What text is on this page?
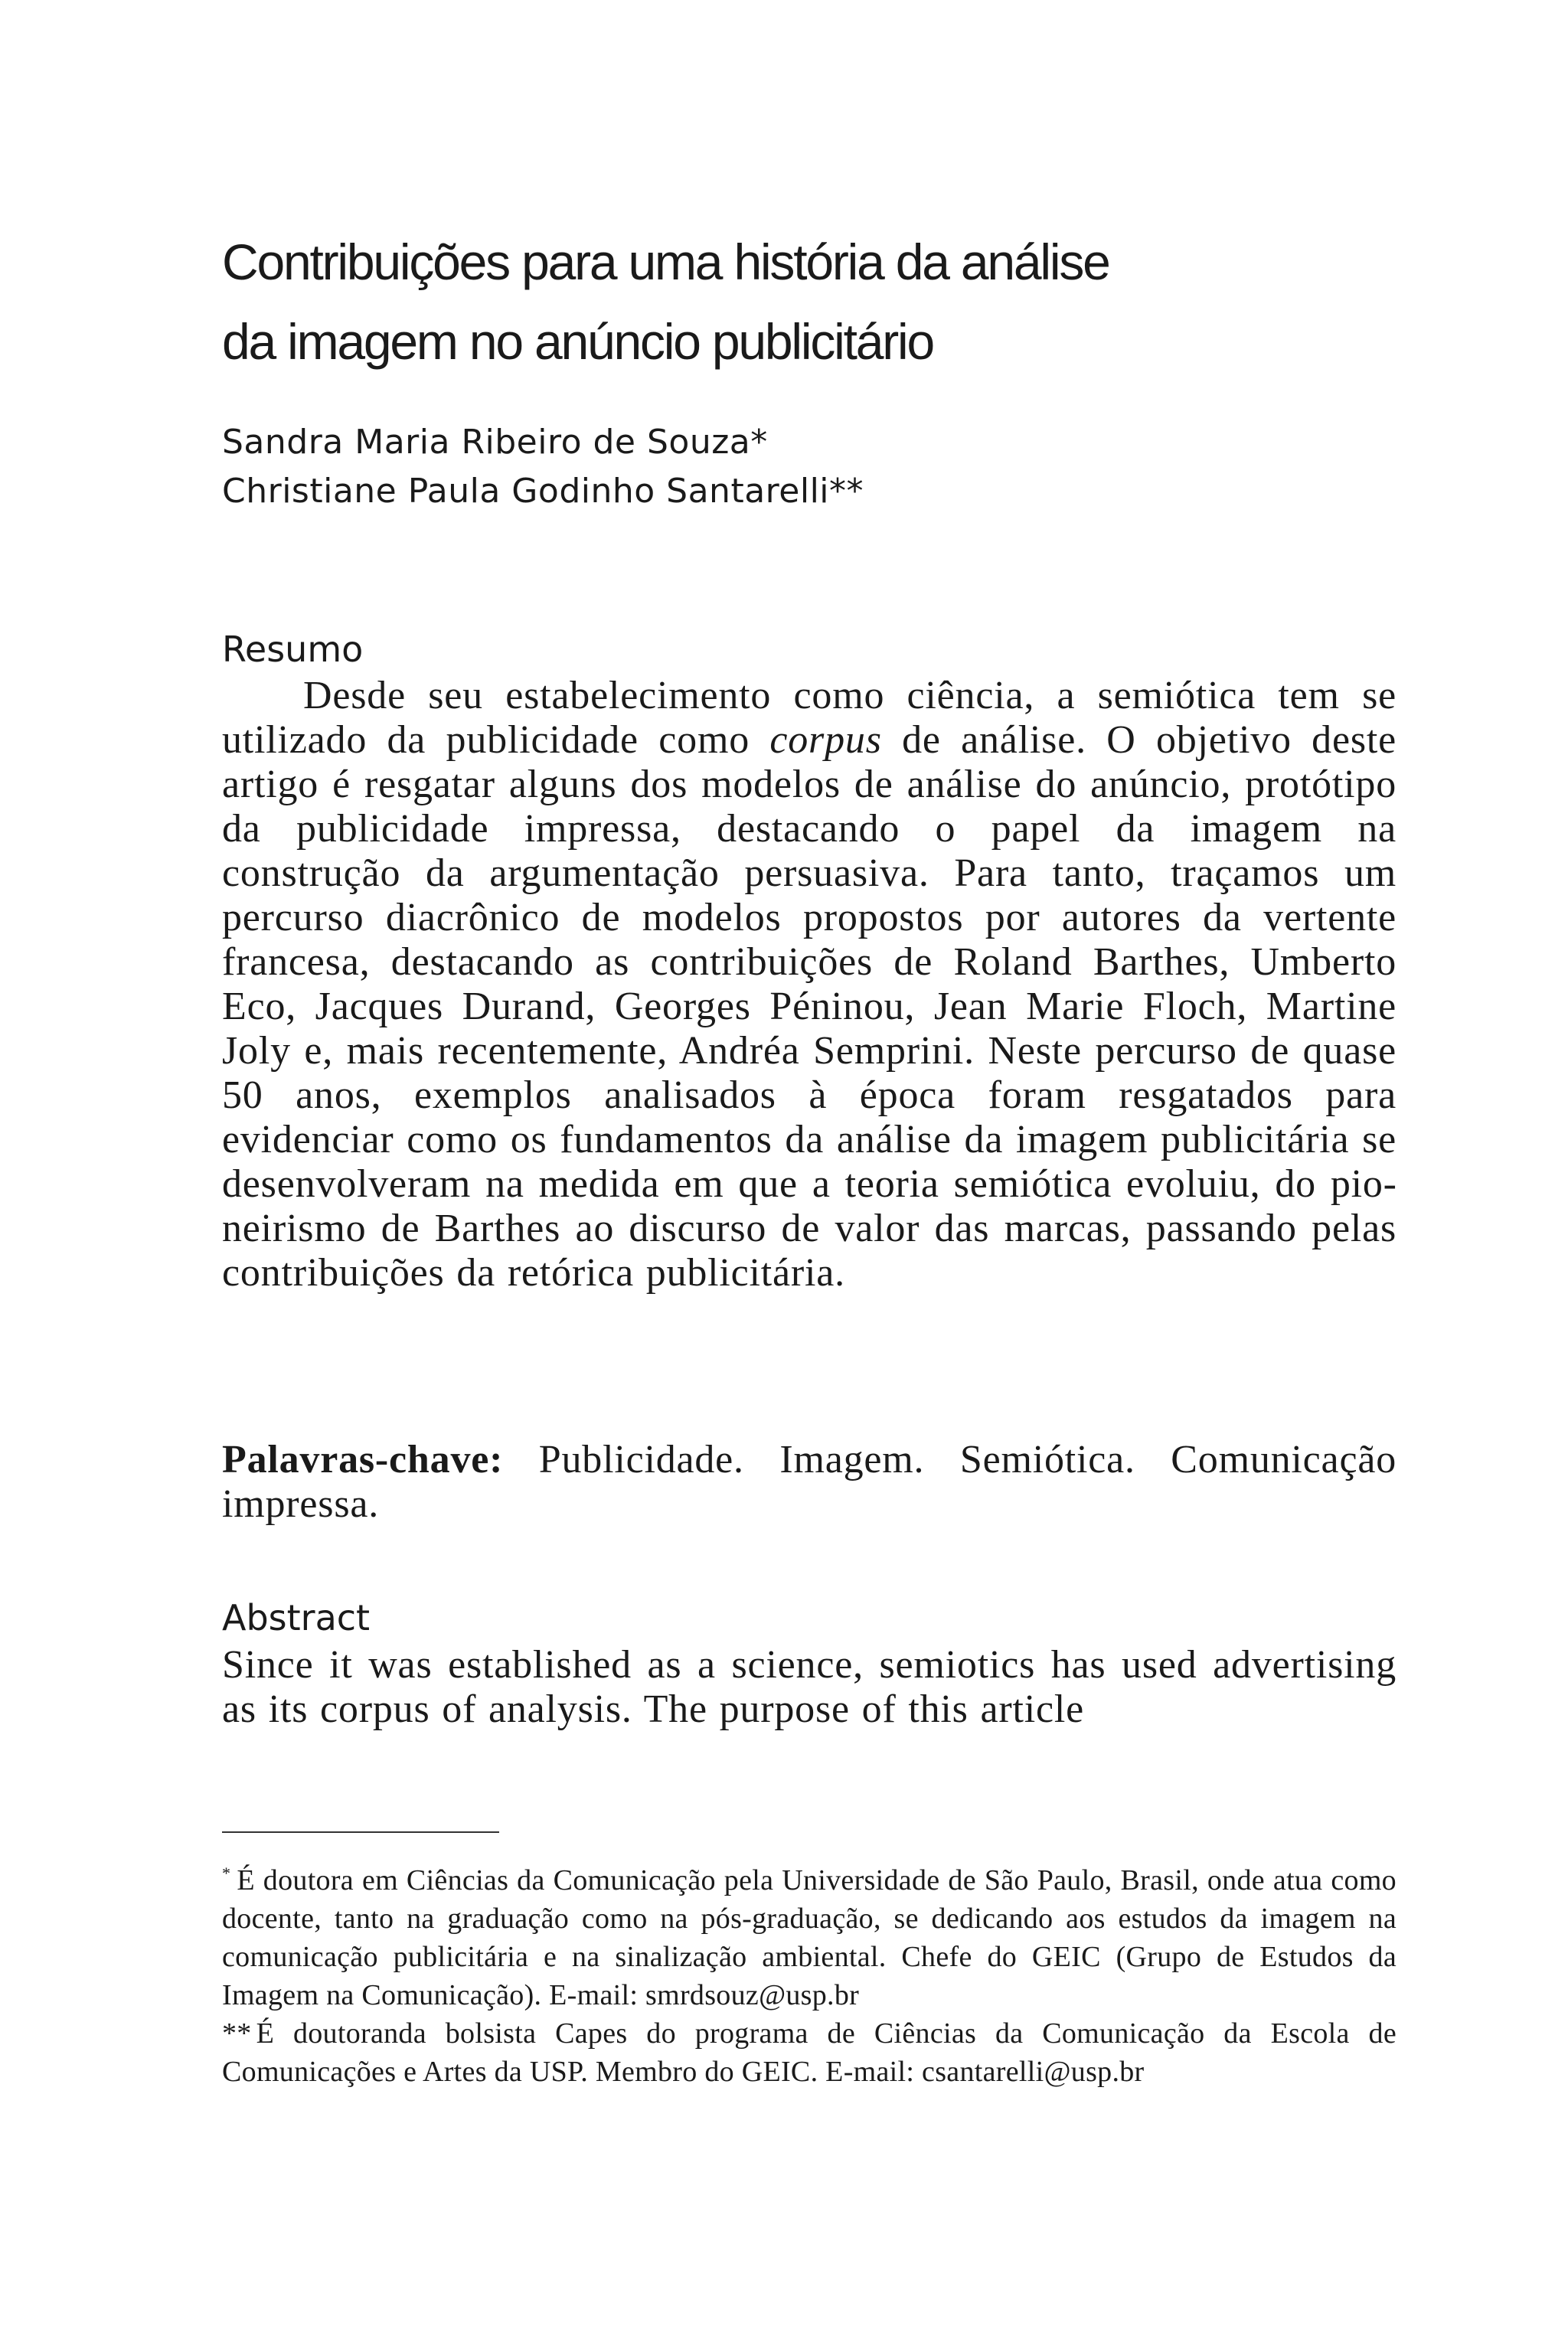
Contribuições para uma história da análise
da imagem no anúncio publicitário
Sandra Maria Ribeiro de Souza*
Christiane Paula Godinho Santarelli**
Resumo

Desde seu estabelecimento como ciência, a semiótica tem se utilizado da publicidade como corpus de análise. O objetivo deste artigo é resgatar alguns dos modelos de análise do anúncio, protótipo da publicidade impressa, destacando o papel da imagem na construção da argumentação persuasiva. Para tanto, traçamos um percurso diacrônico de modelos propostos por autores da vertente francesa, destacando as contribuições de Roland Barthes, Umberto Eco, Jacques Durand, Georges Péninou, Jean Marie Floch, Martine Joly e, mais recentemente, Andréa Semprini. Neste percurso de quase 50 anos, exemplos analisados à época foram resgatados para evidenciar como os fundamentos da análise da imagem publicitária se desenvolveram na medida em que a teoria semiótica evoluiu, do pioneirismo de Barthes ao discurso de valor das marcas, passando pelas contribuições da retórica publicitária.

Palavras-chave: Publicidade. Imagem. Semiótica. Comunicação impressa.

Abstract

Since it was established as a science, semiotics has used advertising as its corpus of analysis. The purpose of this article

* É doutora em Ciências da Comunicação pela Universidade de São Paulo, Brasil, onde atua como docente, tanto na graduação como na pós-graduação, se dedicando aos estudos da imagem na comunicação publicitária e na sinalização ambiental. Chefe do GEIC (Grupo de Estudos da Imagem na Comunicação). E-mail: smrdsouz@usp.br

** É doutoranda bolsista Capes do programa de Ciências da Comunicação da Escola de Comunicações e Artes da USP. Membro do GEIC. E-mail: csantarelli@usp.br
